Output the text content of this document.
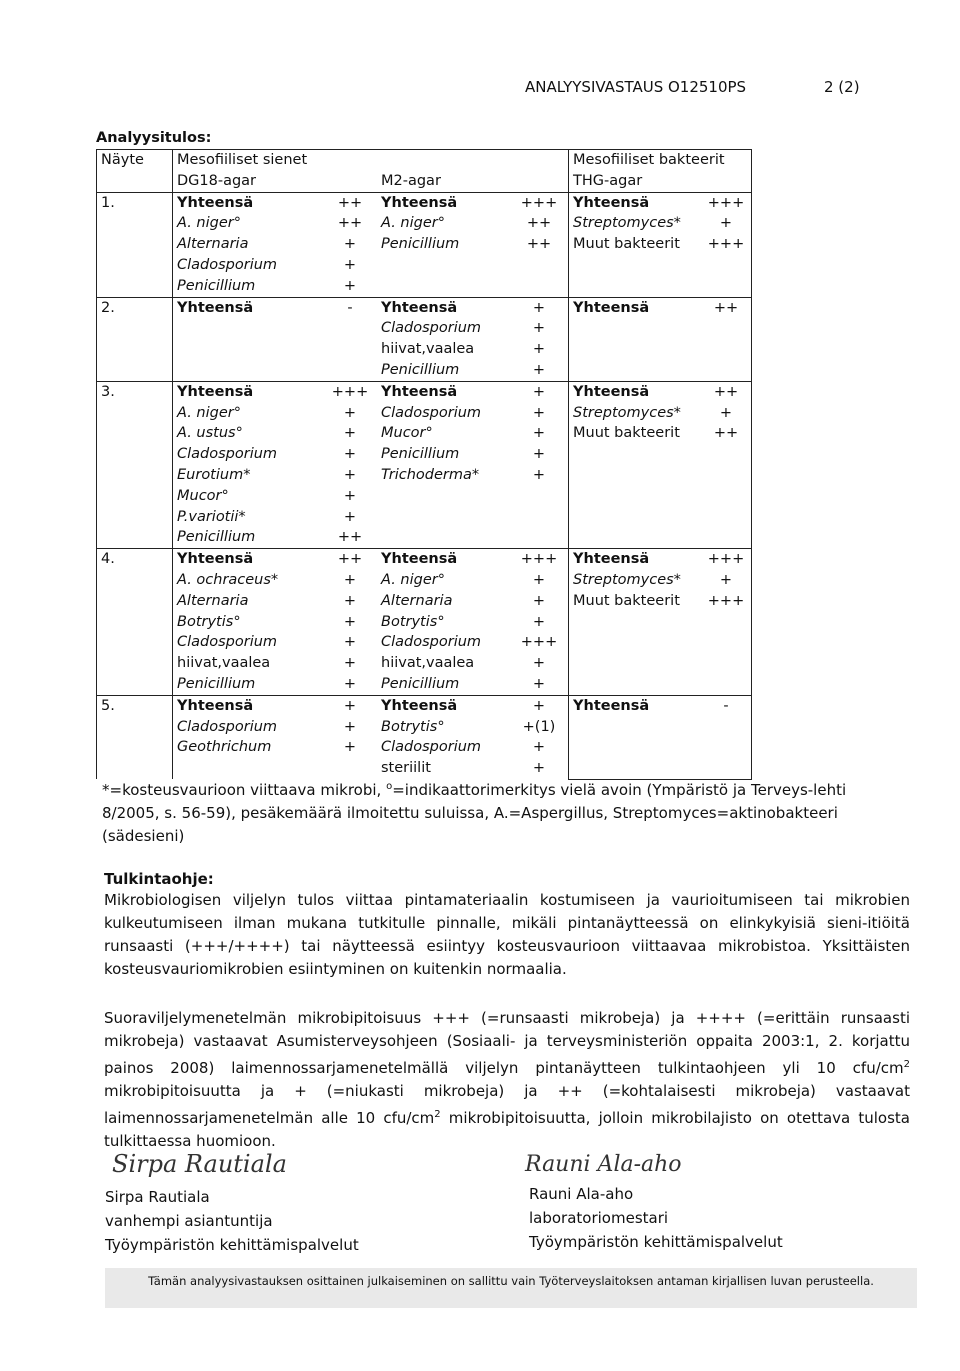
ANALYYSIVASTAUS O12510PS	2 (2)
Analyysitulos:
Näyte	Mesofiiliset sienet				Mesofiiliset bakteerit	
	DG18-agar		M2-agar		THG-agar	
1.	Yhteensä	++	Yhteensä	+++	Yhteensä	+++
	A. niger°	++	A. niger°	++	Streptomyces*	+
	Alternaria	+	Penicillium	++	Muut bakteerit	+++
	Cladosporium	+				
	Penicillium	+				
2.	Yhteensä	-	Yhteensä	+	Yhteensä	++
			Cladosporium	+		
			hiivat,vaalea	+		
			Penicillium	+		
3.	Yhteensä	+++	Yhteensä	+	Yhteensä	++
	A. niger°	+	Cladosporium	+	Streptomyces*	+
	A. ustus°	+	Mucor°	+	Muut bakteerit	++
	Cladosporium	+	Penicillium	+		
	Eurotium*	+	Trichoderma*	+		
	Mucor°	+				
	P.variotii*	+				
	Penicillium	++				
4.	Yhteensä	++	Yhteensä	+++	Yhteensä	+++
	A. ochraceus*	+	A. niger°	+	Streptomyces*	+
	Alternaria	+	Alternaria	+	Muut bakteerit	+++
	Botrytis°	+	Botrytis°	+		
	Cladosporium	+	Cladosporium	+++		
	hiivat,vaalea	+	hiivat,vaalea	+		
	Penicillium	+	Penicillium	+		
5.	Yhteensä	+	Yhteensä	+	Yhteensä	-
	Cladosporium	+	Botrytis°	+(1)		
	Geothrichum	+	Cladosporium	+		
			steriilit	+		
*=kosteusvaurioon viittaava mikrobi, $^o$=indikaattorimerkitys vielä avoin (Ympäristö ja Terveys-lehti 8/2005, s. 56-59), pesäkemäärä ilmoitettu suluissa, A.=Aspergillus, Streptomyces=aktinobakteeri (sädesieni)
Tulkintaohje:
Mikrobiologisen viljelyn tulos viittaa pintamateriaalin kostumiseen ja vaurioitumiseen tai mikrobien kulkeutumiseen ilman mukana tutkitulle pinnalle, mikäli pintanäytteessä on elinkykyisiä sieni-itiöitä runsaasti (+++/++++) tai näytteessä esiintyy kosteusvaurioon viittaavaa mikrobistoa. Yksittäisten kosteusvauriomikrobien esiintyminen on kuitenkin normaalia.
Suoraviljelymenetelmän mikrobipitoisuus +++ (=runsaasti mikrobeja) ja ++++ (=erittäin runsaasti mikrobeja) vastaavat Asumisterveysohjeen (Sosiaali- ja terveysministeriön oppaita 2003:1, 2. korjattu painos 2008) laimennossarjamenetelmällä viljelyn pintanäytteen tulkintaohjeen yli 10 cfu/$cm^2$ mikrobipitoisuutta ja + (=niukasti mikrobeja) ja ++ (=kohtalaisesti mikrobeja) vastaavat laimennossarjamenetelmän alle 10 cfu/$cm^2$ mikrobipitoisuutta, jolloin mikrobilajisto on otettava tulosta tulkittaessa huomioon.
Sirpa Rautiala
Sirpa Rautiala
vanhempi asiantuntija
Työympäristön kehittämispalvelut
Rauni Ala-aho
Rauni Ala-aho
laboratoriomestari
Työympäristön kehittämispalvelut
Tämän analyysivastauksen osittainen julkaiseminen on sallittu vain Työterveyslaitoksen antaman kirjallisen luvan perusteella.
